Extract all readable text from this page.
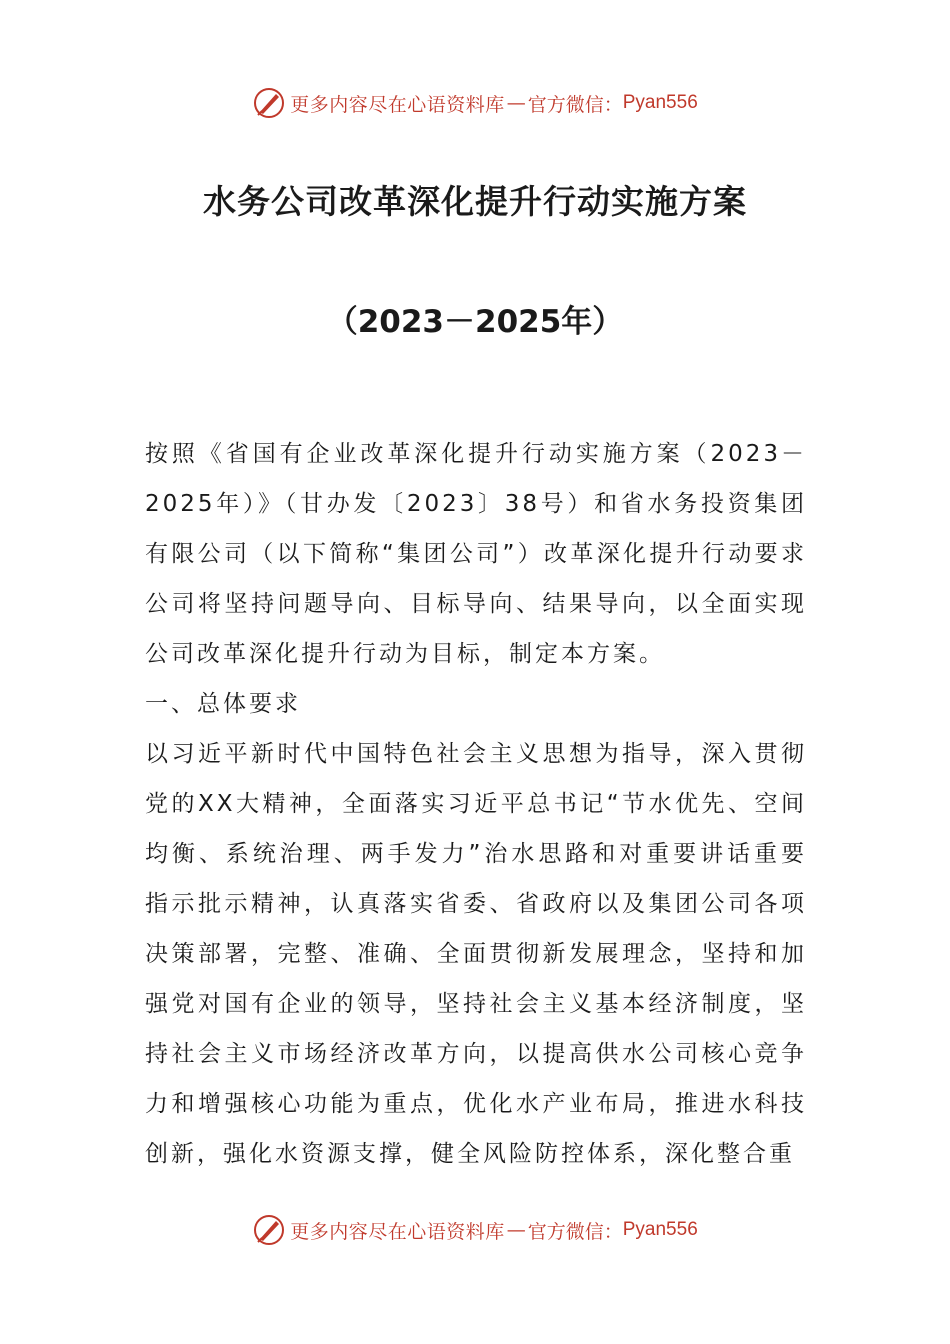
更多内容尽在心语资料库 — 官方微信： Pyan556
水务公司改革深化提升行动实施方案
（2023－2025年）

按照《省国有企业改革深化提升行动实施方案（2023－2025年）》（甘办发〔2023〕38号）和省水务投资集团有限公司（以下简称“集团公司”）改革深化提升行动要求公司将坚持问题导向、目标导向、结果导向，以全面实现公司改革深化提升行动为目标，制定本方案。

一、总体要求

以习近平新时代中国特色社会主义思想为指导，深入贯彻党的XX大精神，全面落实习近平总书记“节水优先、空间均衡、系统治理、两手发力”治水思路和对重要讲话重要指示批示精神，认真落实省委、省政府以及集团公司各项决策部署，完整、准确、全面贯彻新发展理念，坚持和加强党对国有企业的领导，坚持社会主义基本经济制度，坚持社会主义市场经济改革方向，以提高供水公司核心竞争力和增强核心功能为重点，优化水产业布局，推进水科技创新，强化水资源支撑，健全风险防控体系，深化整合重

更多内容尽在心语资料库 — 官方微信： Pyan556
